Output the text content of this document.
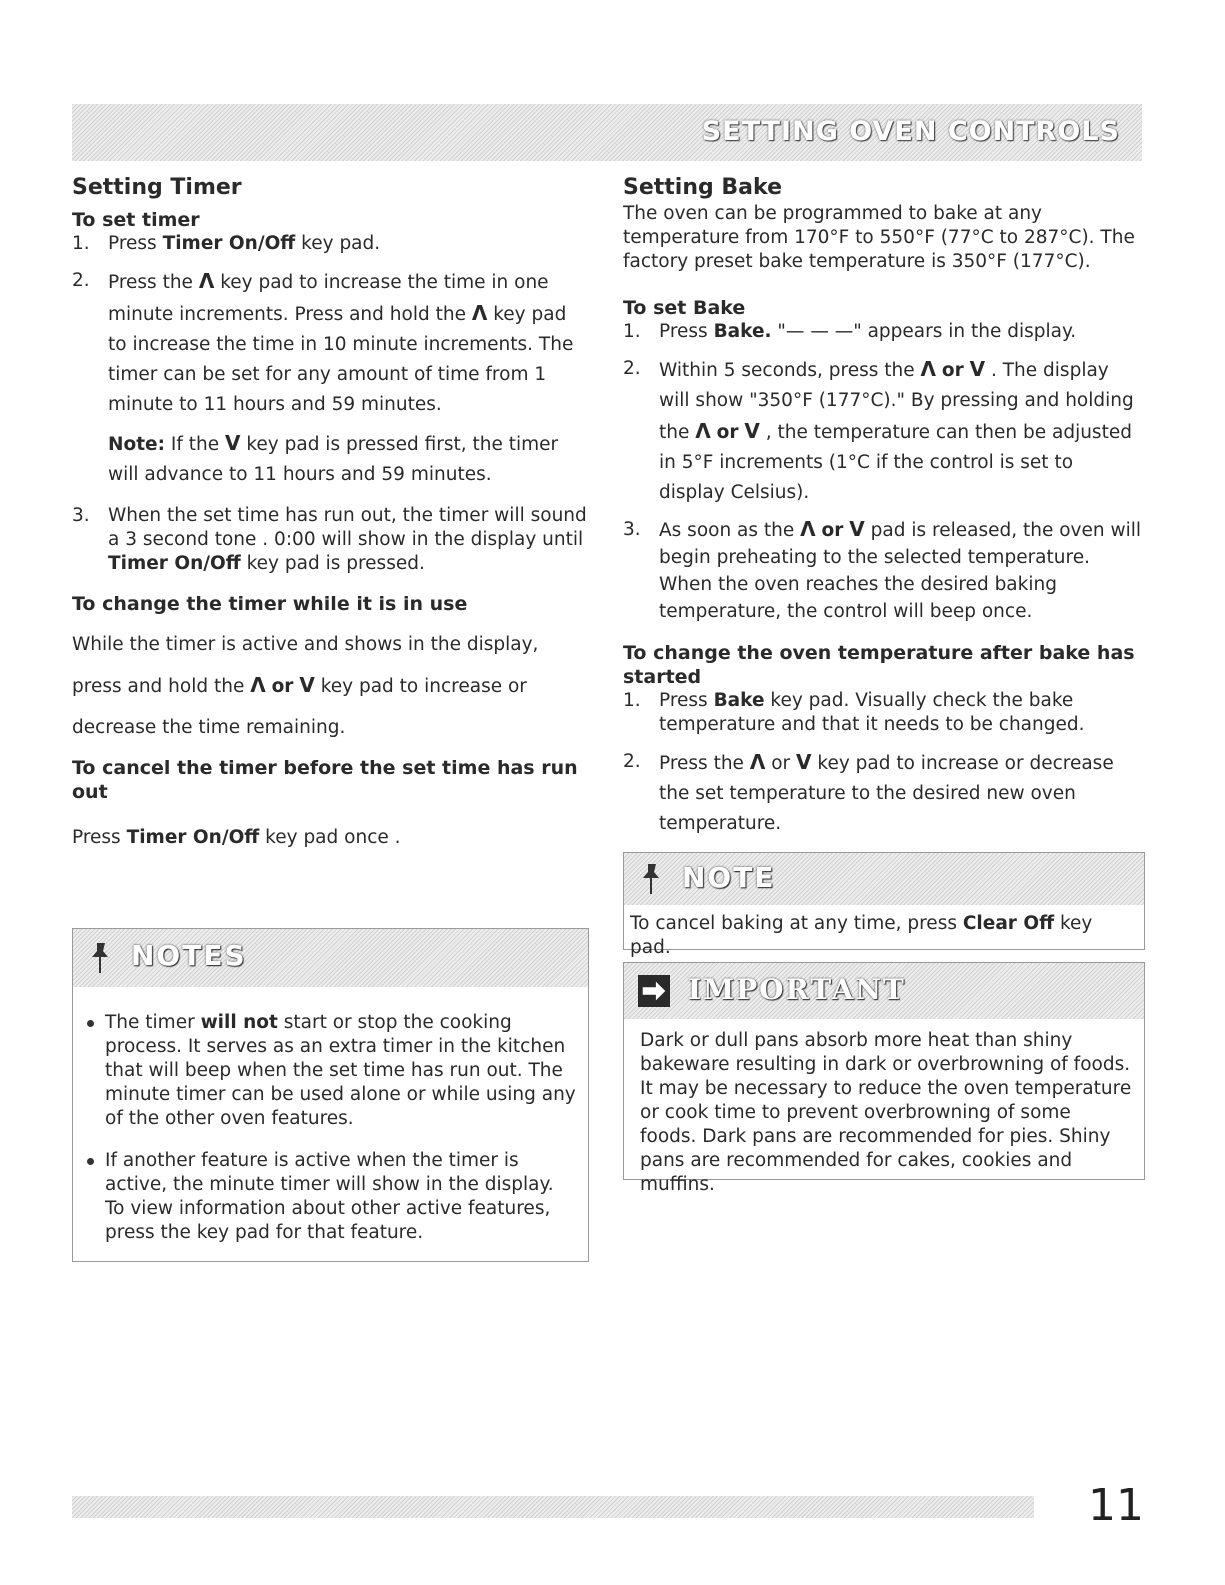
SETTING OVEN CONTROLS
Setting Timer
To set timer
1. Press Timer On/Off key pad.
2. Press the Λ key pad to increase the time in one minute increments. Press and hold the Λ key pad to increase the time in 10 minute increments. The timer can be set for any amount of time from 1 minute to 11 hours and 59 minutes.
Note: If the V key pad is pressed first, the timer will advance to 11 hours and 59 minutes.
3. When the set time has run out, the timer will sound a 3 second tone . 0:00 will show in the display until Timer On/Off key pad is pressed.
To change the timer while it is in use

While the timer is active and shows in the display, press and hold the Λ or V key pad to increase or decrease the time remaining.

To cancel the timer before the set time has run out

Press Timer On/Off key pad once .

NOTES
The timer will not start or stop the cooking process. It serves as an extra timer in the kitchen that will beep when the set time has run out. The minute timer can be used alone or while using any of the other oven features.
If another feature is active when the timer is active, the minute timer will show in the display. To view information about other active features, press the key pad for that feature.
Setting Bake

The oven can be programmed to bake at any temperature from 170°F to 550°F (77°C to 287°C). The factory preset bake temperature is 350°F (177°C).

To set Bake
1. Press Bake. "— — —" appears in the display.
2. Within 5 seconds, press the Λ or V . The display will show "350°F (177°C)." By pressing and holding the Λ or V , the temperature can then be adjusted in 5°F increments (1°C if the control is set to display Celsius).
3. As soon as the Λ or V pad is released, the oven will begin preheating to the selected temperature. When the oven reaches the desired baking temperature, the control will beep once.
To change the oven temperature after bake has started
1. Press Bake key pad. Visually check the bake temperature and that it needs to be changed.
2. Press the Λ or V key pad to increase or decrease the set temperature to the desired new oven temperature.
NOTE
To cancel baking at any time, press Clear Off key pad.
IMPORTANT

Dark or dull pans absorb more heat than shiny bakeware resulting in dark or overbrowning of foods. It may be necessary to reduce the oven temperature or cook time to prevent overbrowning of some foods. Dark pans are recommended for pies. Shiny pans are recommended for cakes, cookies and muffins.

11
